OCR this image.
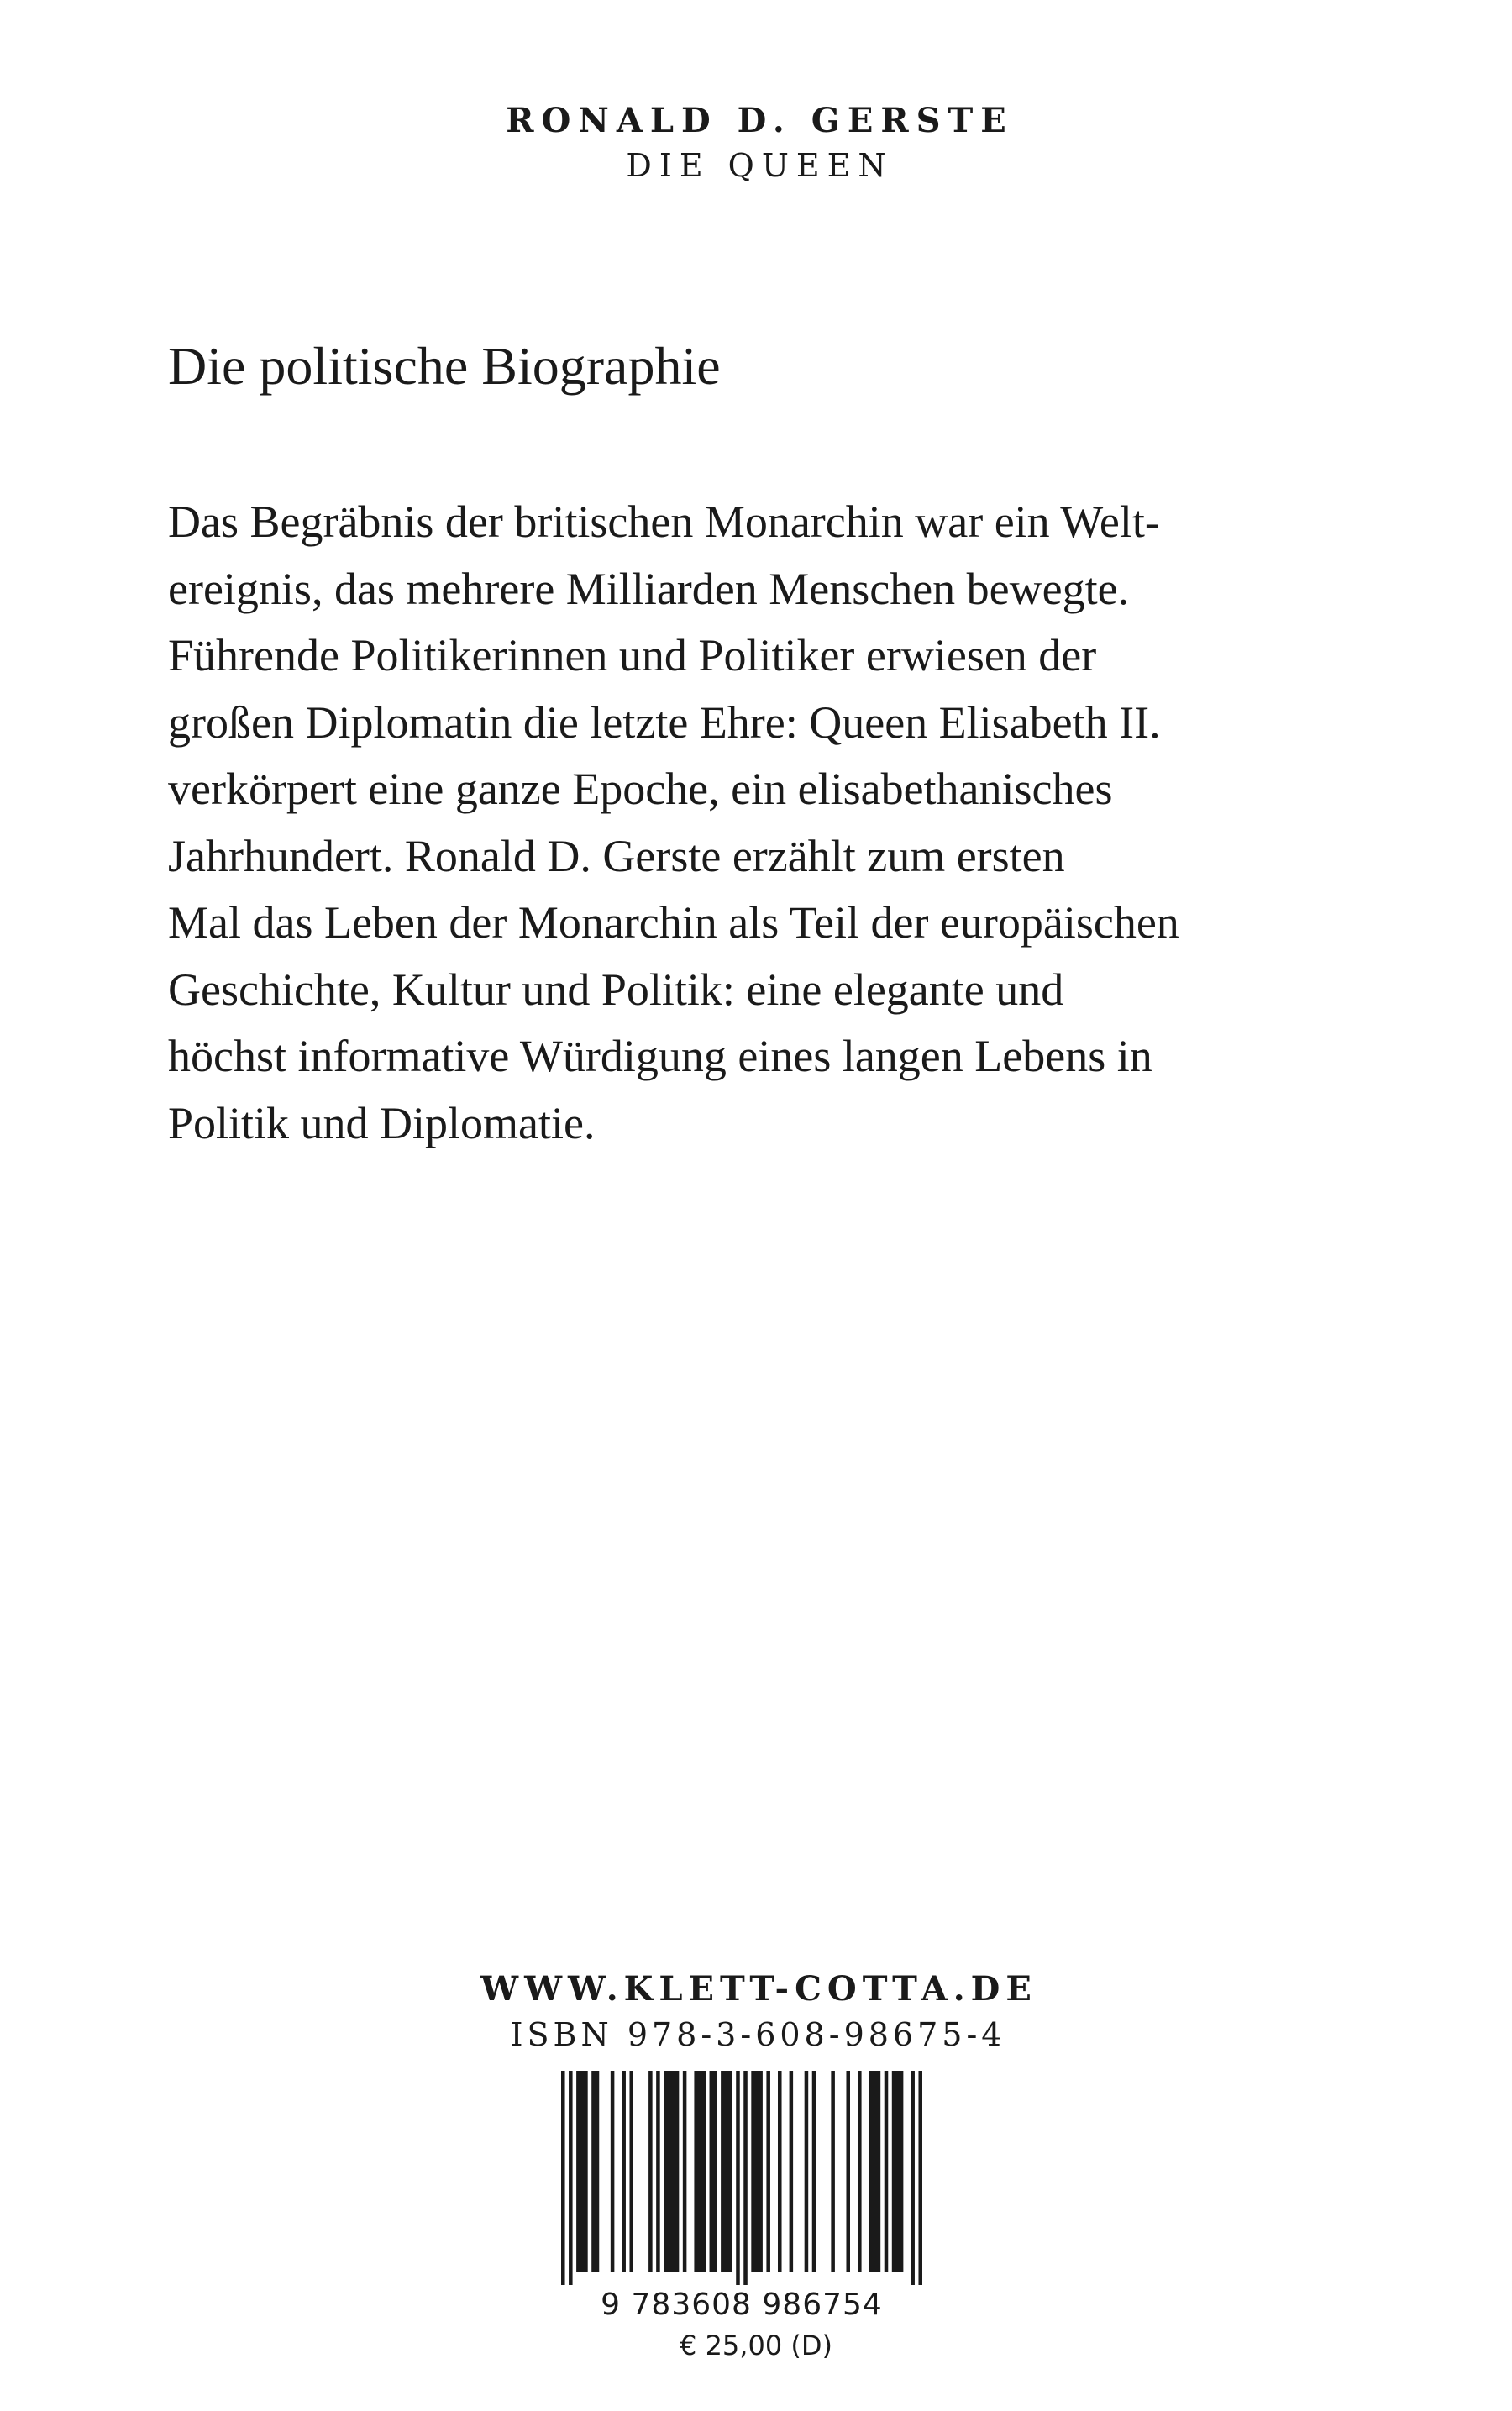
RONALD D. GERSTE
DIE QUEEN
Die politische Biographie
Das Begräbnis der britischen Monarchin war ein Welt-
ereignis, das mehrere Milliarden Menschen bewegte.
Führende Politikerinnen und Politiker erwiesen der
großen Diplomatin die letzte Ehre: Queen Elisabeth II.
verkörpert eine ganze Epoche, ein elisabethanisches
Jahrhundert. Ronald D. Gerste erzählt zum ersten
Mal das Leben der Monarchin als Teil der europäischen
Geschichte, Kultur und Politik: eine elegante und
höchst informative Würdigung eines langen Lebens in
Politik und Diplomatie.
WWW.KLETT-COTTA.DE
ISBN 978-3-608-98675-4
9 783608 986754
€ 25,00 (D)
